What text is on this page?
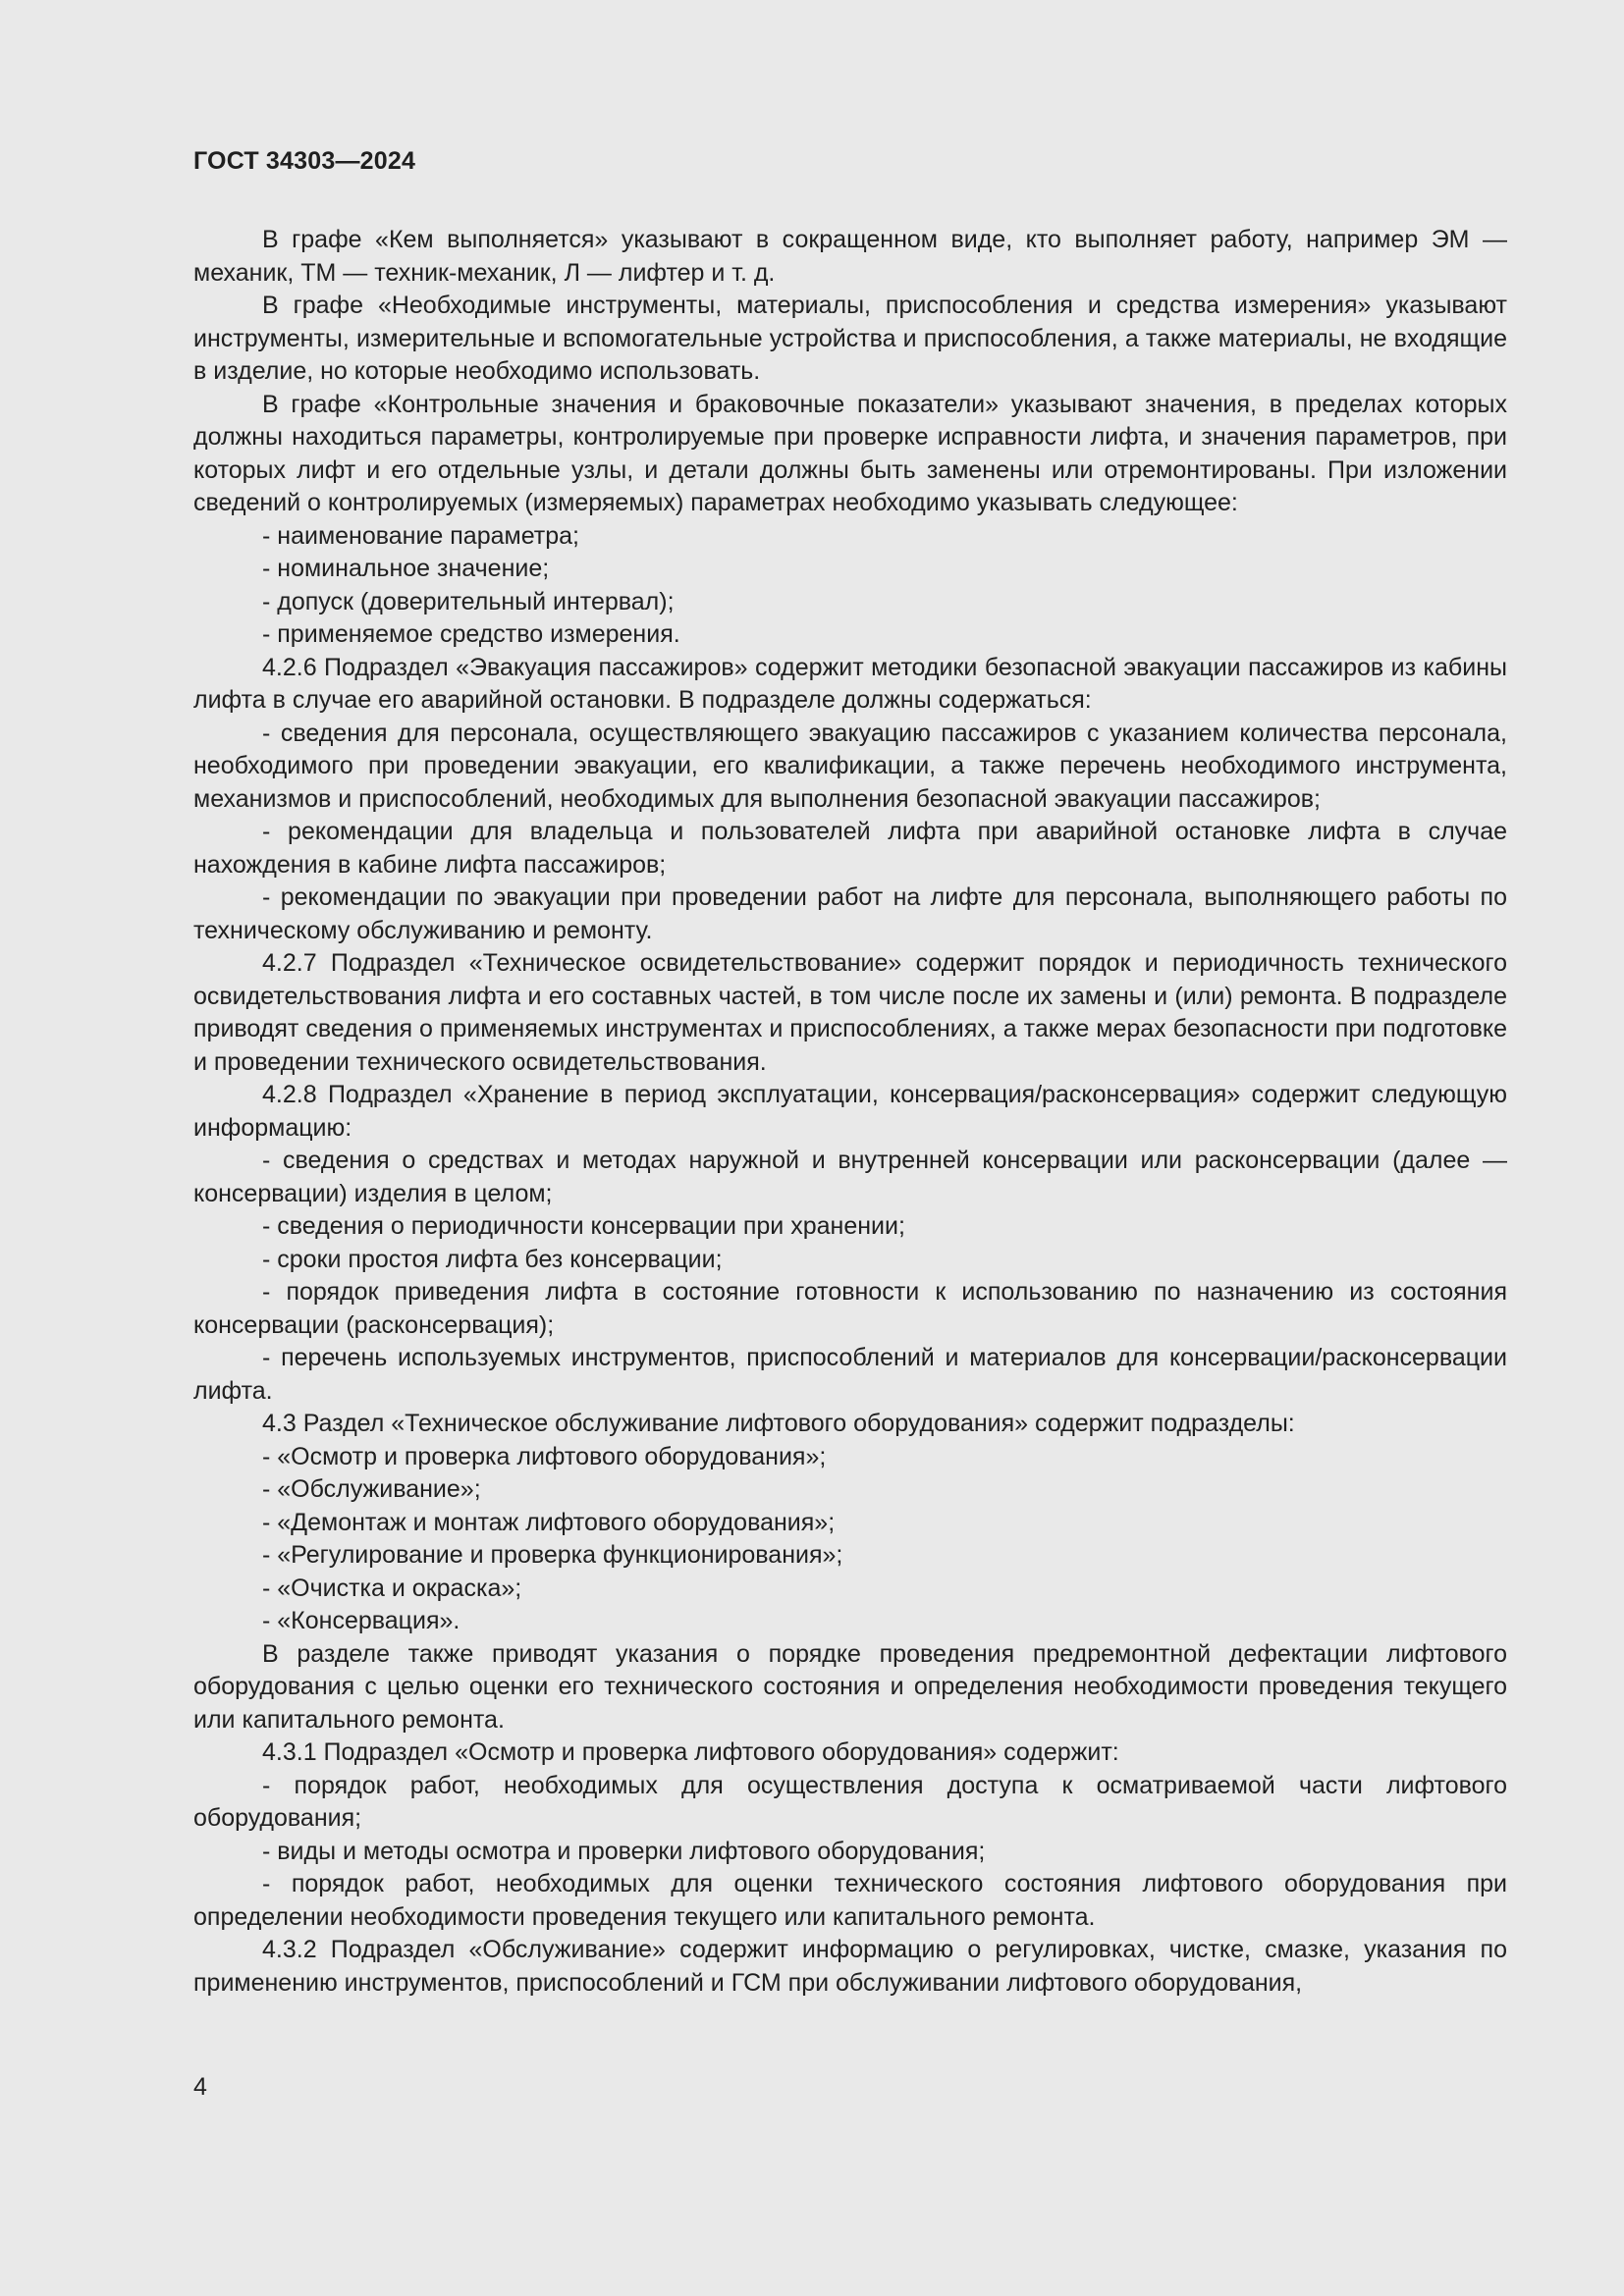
ГОСТ 34303—2024

В графе «Кем выполняется» указывают в сокращенном виде, кто выполняет работу, например ЭМ — механик, ТМ — техник-механик, Л — лифтер и т. д.

В графе «Необходимые инструменты, материалы, приспособления и средства измерения» указывают инструменты, измерительные и вспомогательные устройства и приспособления, а также материалы, не входящие в изделие, но которые необходимо использовать.

В графе «Контрольные значения и браковочные показатели» указывают значения, в пределах которых должны находиться параметры, контролируемые при проверке исправности лифта, и значения параметров, при которых лифт и его отдельные узлы, и детали должны быть заменены или отремонтированы. При изложении сведений о контролируемых (измеряемых) параметрах необходимо указывать следующее:

- наименование параметра;

- номинальное значение;

- допуск (доверительный интервал);

- применяемое средство измерения.

4.2.6 Подраздел «Эвакуация пассажиров» содержит методики безопасной эвакуации пассажиров из кабины лифта в случае его аварийной остановки. В подразделе должны содержаться:

- сведения для персонала, осуществляющего эвакуацию пассажиров с указанием количества персонала, необходимого при проведении эвакуации, его квалификации, а также перечень необходимого инструмента, механизмов и приспособлений, необходимых для выполнения безопасной эвакуации пассажиров;

- рекомендации для владельца и пользователей лифта при аварийной остановке лифта в случае нахождения в кабине лифта пассажиров;

- рекомендации по эвакуации при проведении работ на лифте для персонала, выполняющего работы по техническому обслуживанию и ремонту.

4.2.7 Подраздел «Техническое освидетельствование» содержит порядок и периодичность технического освидетельствования лифта и его составных частей, в том числе после их замены и (или) ремонта. В подразделе приводят сведения о применяемых инструментах и приспособлениях, а также мерах безопасности при подготовке и проведении технического освидетельствования.

4.2.8 Подраздел «Хранение в период эксплуатации, консервация/расконсервация» содержит следующую информацию:

- сведения о средствах и методах наружной и внутренней консервации или расконсервации (далее — консервации) изделия в целом;

- сведения о периодичности консервации при хранении;

- сроки простоя лифта без консервации;

- порядок приведения лифта в состояние готовности к использованию по назначению из состояния консервации (расконсервация);

- перечень используемых инструментов, приспособлений и материалов для консервации/расконсервации лифта.

4.3 Раздел «Техническое обслуживание лифтового оборудования» содержит подразделы:

- «Осмотр и проверка лифтового оборудования»;

- «Обслуживание»;

- «Демонтаж и монтаж лифтового оборудования»;

- «Регулирование и проверка функционирования»;

- «Очистка и окраска»;

- «Консервация».

В разделе также приводят указания о порядке проведения предремонтной дефектации лифтового оборудования с целью оценки его технического состояния и определения необходимости проведения текущего или капитального ремонта.

4.3.1 Подраздел «Осмотр и проверка лифтового оборудования» содержит:

- порядок работ, необходимых для осуществления доступа к осматриваемой части лифтового оборудования;

- виды и методы осмотра и проверки лифтового оборудования;

- порядок работ, необходимых для оценки технического состояния лифтового оборудования при определении необходимости проведения текущего или капитального ремонта.

4.3.2 Подраздел «Обслуживание» содержит информацию о регулировках, чистке, смазке, указания по применению инструментов, приспособлений и ГСМ при обслуживании лифтового оборудования,

4
